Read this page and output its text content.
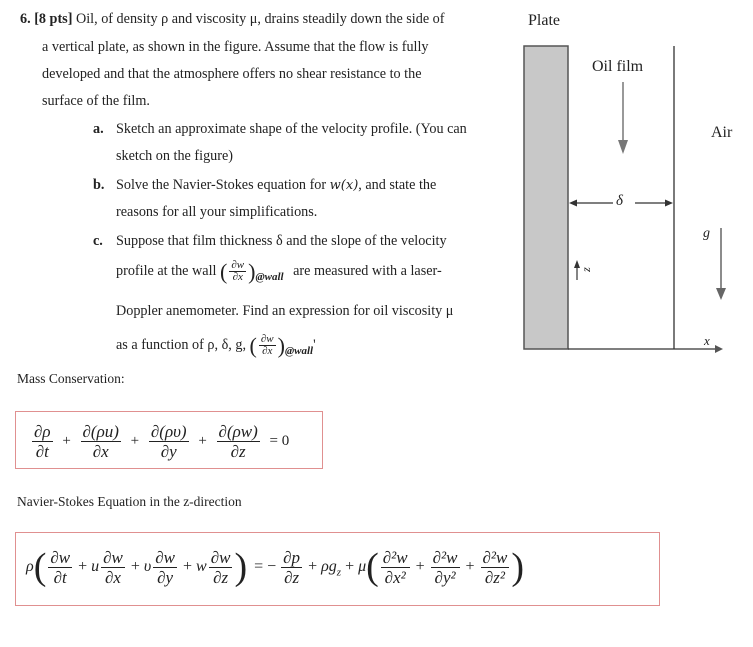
6. [8 pts] Oil, of density ρ and viscosity μ, drains steadily down the side of
a vertical plate, as shown in the figure. Assume that the flow is fully
developed and that the atmosphere offers no shear resistance to the
surface of the film.
a. Sketch an approximate shape of the velocity profile. (You can
sketch on the figure)
b. Solve the Navier-Stokes equation for w(x), and state the
reasons for all your simplifications.
c. Suppose that film thickness δ and the slope of the velocity
profile at the wall ( $\frac{\partial w}{\partial x} )_{@wall}$ are measured with a laser-
Doppler anemometer. Find an expression for oil viscosity μ
as a function of ρ, δ, g, ( $\frac{\partial w}{\partial x} )_{@wall}'$
Plate
Oil film
Air
δ
g
z
x
Mass Conservation:
$\frac{\partial\rho}{\partial t} + \frac{\partial(\rho u)}{\partial x} + \frac{\partial(\rho\upsilon)}{\partial y} + \frac{\partial(\rho w)}{\partial z} = 0$
Navier-Stokes Equation in the z-direction
$\rho( \frac{\partial w}{\partial t} + u \frac{\partial w}{\partial x} + \upsilon \frac{\partial w}{\partial y} + w \frac{\partial w}{\partial z}$ ) = − $\frac{\partial p}{\partial z} + \rho g_z + \mu( \frac{\text{∂²w}}{\text{∂x²}} + \frac{\text{∂²w}}{\text{∂y²}} + \frac{\text{∂²w}}{\text{∂z²}}$ )
